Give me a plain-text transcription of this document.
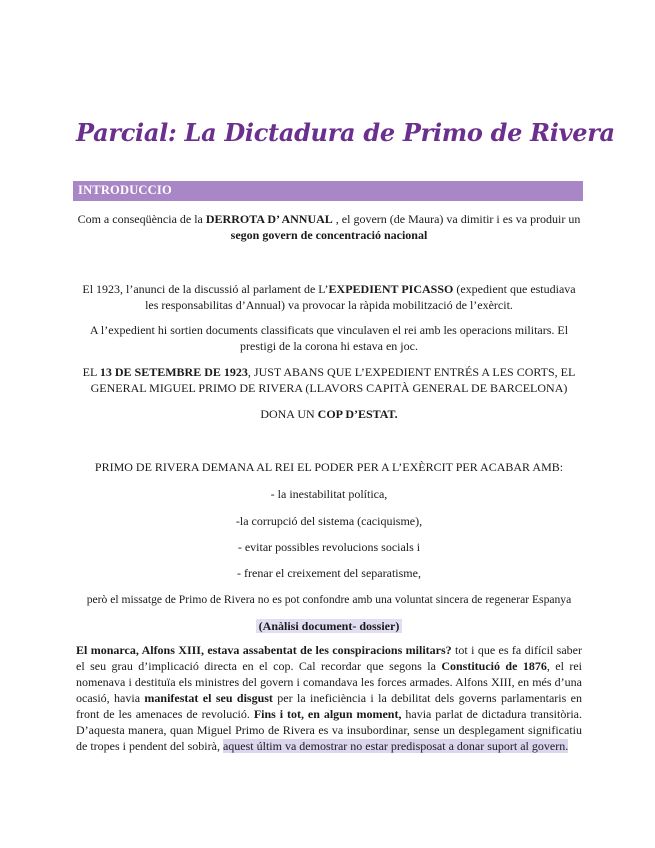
Parcial: La Dictadura de Primo de Rivera
INTRODUCCIO

Com a conseqüència de la DERROTA D’ ANNUAL , el govern (de Maura) va dimitir i es va produir un segon govern de concentració nacional

El 1923, l’anunci de la discussió al parlament de L’EXPEDIENT PICASSO (expedient que estudiava les responsabilitas d’Annual) va provocar la ràpida mobilització de l’exèrcit.

A l’expedient hi sortien documents classificats que vinculaven el rei amb les operacions militars. El prestigi de la corona hi estava en joc.

EL 13 DE SETEMBRE DE 1923, JUST ABANS QUE L’EXPEDIENT ENTRÉS A LES CORTS, EL GENERAL MIGUEL PRIMO DE RIVERA (LLAVORS CAPITÀ GENERAL DE BARCELONA)

DONA UN COP D’ESTAT.

PRIMO DE RIVERA DEMANA AL REI EL PODER PER A L’EXÈRCIT PER ACABAR AMB:

- la inestabilitat política,

-la corrupció del sistema (caciquisme),

- evitar possibles revolucions socials i

- frenar el creixement del separatisme,

però el missatge de Primo de Rivera no es pot confondre amb una voluntat sincera de regenerar Espanya

(Anàlisi document- dossier)

El monarca, Alfons XIII, estava assabentat de les conspiracions militars? tot i que es fa difícil saber el seu grau d’implicació directa en el cop. Cal recordar que segons la Constitució de 1876, el rei nomenava i destituïa els ministres del govern i comandava les forces armades. Alfons XIII, en més d’una ocasió, havia manifestat el seu disgust per la ineficiència i la debilitat dels governs parlamentaris en front de les amenaces de revolució. Fins i tot, en algun moment, havia parlat de dictadura transitòria. D’aquesta manera, quan Miguel Primo de Rivera es va insubordinar, sense un desplegament significatiu de tropes i pendent del sobirà, aquest últim va demostrar no estar predisposat a donar suport al govern.
